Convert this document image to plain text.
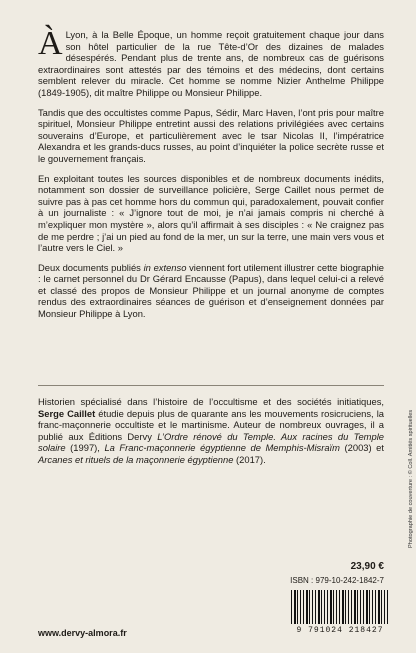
À Lyon, à la Belle Époque, un homme reçoit gratuitement chaque jour dans son hôtel particulier de la rue Tête-d’Or des dizaines de malades désespérés. Pendant plus de trente ans, de nombreux cas de guérisons extraordinaires sont attestés par des témoins et des médecins, dont certains semblent relever du miracle. Cet homme se nomme Nizier Anthelme Philippe (1849-1905), dit maître Philippe ou Monsieur Philippe.

Tandis que des occultistes comme Papus, Sédir, Marc Haven, l’ont pris pour maître spirituel, Monsieur Philippe entretint aussi des relations privilégiées avec certains souverains d’Europe, et particulièrement avec le tsar Nicolas II, l’impératrice Alexandra et les grands-ducs russes, au point d’inquiéter la police secrète russe et le gouvernement français.

En exploitant toutes les sources disponibles et de nombreux documents inédits, notamment son dossier de surveillance policière, Serge Caillet nous permet de suivre pas à pas cet homme hors du commun qui, paradoxalement, pouvait confier à un journaliste : « J’ignore tout de moi, je n’ai jamais compris ni cherché à m’expliquer mon mystère », alors qu’il affirmait à ses disciples : « Ne craignez pas de me perdre ; j’ai un pied au fond de la mer, un sur la terre, une main vers vous et l’autre vers le Ciel. »

Deux documents publiés in extenso viennent fort utilement illustrer cette biographie : le carnet personnel du Dr Gérard Encausse (Papus), dans lequel celui-ci a relevé et classé des propos de Monsieur Philippe et un journal anonyme de comptes rendus des extraordinaires séances de guérison et d’enseignement données par Monsieur Philippe à Lyon.

Historien spécialisé dans l’histoire de l’occultisme et des sociétés initiatiques, Serge Caillet étudie depuis plus de quarante ans les mouvements rosicruciens, la franc-maçonnerie occultiste et le martinisme. Auteur de nombreux ouvrages, il a publié aux Éditions Dervy L’Ordre rénové du Temple. Aux racines du Temple solaire (1997), La Franc-maçonnerie égyptienne de Memphis-Misraïm (2003) et Arcanes et rituels de la maçonnerie égyptienne (2017).

23,90 €
ISBN : 979-10-242-1842-7
9 791024 218427
www.dervy-almora.fr
Photographie de couverture : © Coll. Amitiés spirituelles
